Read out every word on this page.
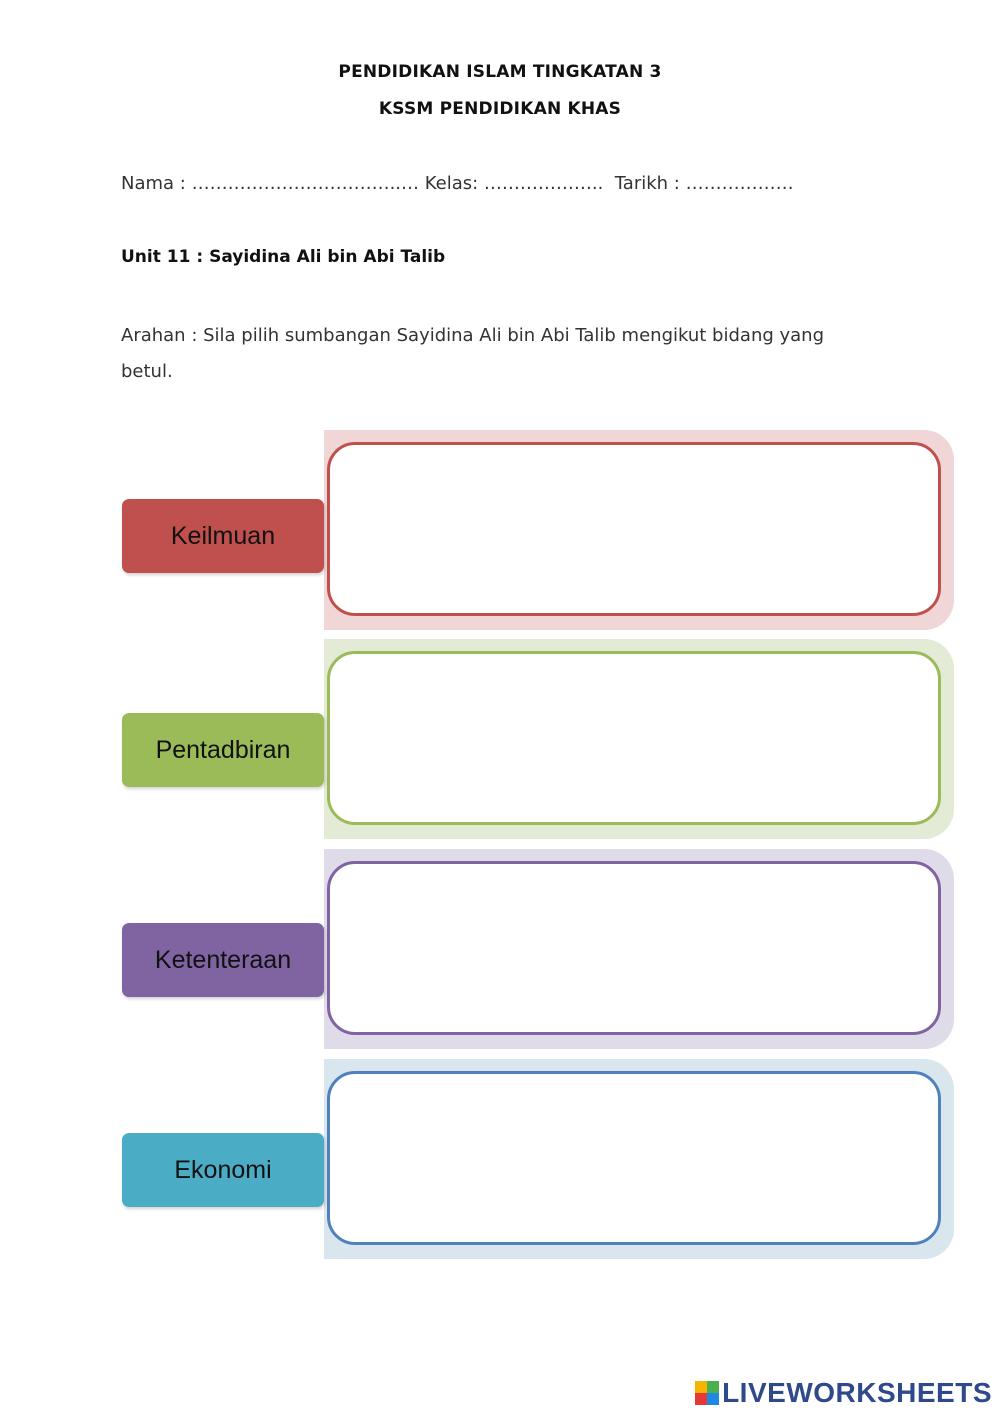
PENDIDIKAN ISLAM TINGKATAN 3
KSSM PENDIDIKAN KHAS
Nama : ……………………………..… Kelas: ………………..  Tarikh : ………………
Unit 11 : Sayidina Ali bin Abi Talib
Arahan : Sila pilih sumbangan Sayidina Ali bin Abi Talib mengikut bidang yang betul.
Keilmuan
Pentadbiran
Ketenteraan
Ekonomi
LIVEWORKSHEETS
